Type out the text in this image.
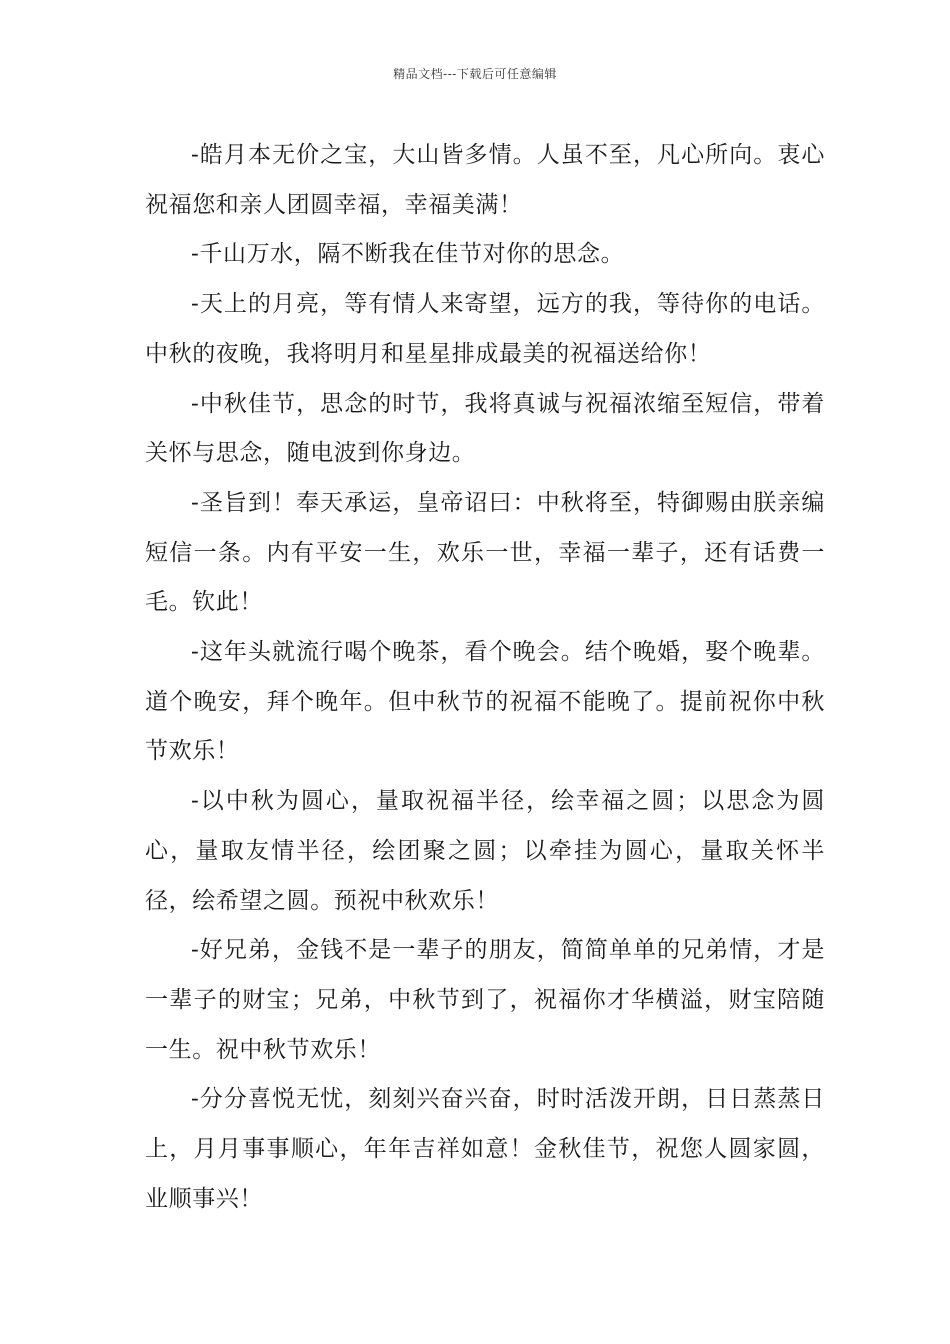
精品文档---下载后可任意编辑

-皓月本无价之宝，大山皆多情。人虽不至，凡心所向。衷心祝福您和亲人团圆幸福，幸福美满！

-千山万水，隔不断我在佳节对你的思念。

-天上的月亮，等有情人来寄望，远方的我，等待你的电话。中秋的夜晚，我将明月和星星排成最美的祝福送给你！

-中秋佳节，思念的时节，我将真诚与祝福浓缩至短信，带着关怀与思念，随电波到你身边。

-圣旨到！奉天承运，皇帝诏曰：中秋将至，特御赐由朕亲编短信一条。内有平安一生，欢乐一世，幸福一辈子，还有话费一毛。钦此！

-这年头就流行喝个晚茶，看个晚会。结个晚婚，娶个晚辈。道个晚安，拜个晚年。但中秋节的祝福不能晚了。提前祝你中秋节欢乐！

-以中秋为圆心，量取祝福半径，绘幸福之圆；以思念为圆心，量取友情半径，绘团聚之圆；以牵挂为圆心，量取关怀半径，绘希望之圆。预祝中秋欢乐！

-好兄弟，金钱不是一辈子的朋友，简简单单的兄弟情，才是一辈子的财宝；兄弟，中秋节到了，祝福你才华横溢，财宝陪随一生。祝中秋节欢乐！

-分分喜悦无忧，刻刻兴奋兴奋，时时活泼开朗，日日蒸蒸日上，月月事事顺心，年年吉祥如意！金秋佳节，祝您人圆家圆，业顺事兴！
